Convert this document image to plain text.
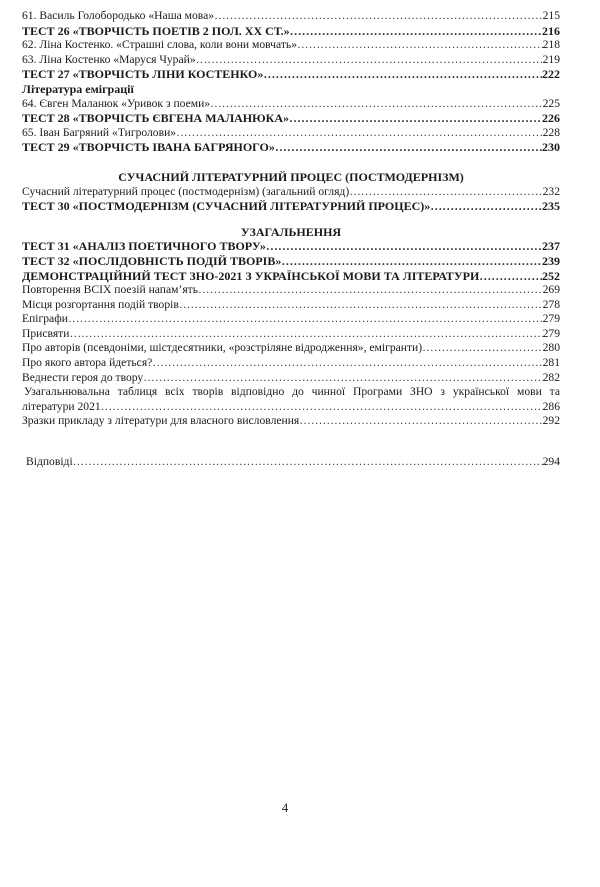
61. Василь Голобородько «Наша мова» …………………………………………………………………………………………………………………………………………………………………………………	215
ТЕСТ 26 «ТВОРЧІСТЬ ПОЕТІВ 2 ПОЛ. ХХ СТ.» …………………………………………………………………………………………………………………………………………………………………………………	216
62. Ліна Костенко. «Страшні слова, коли вони мовчать» …………………………………………………………………………………………………………………………………………………………………………………	218
63. Ліна Костенко «Маруся Чурай» …………………………………………………………………………………………………………………………………………………………………………………	219
ТЕСТ 27 «ТВОРЧІСТЬ ЛІНИ КОСТЕНКО» …………………………………………………………………………………………………………………………………………………………………………………	222
Література еміграції
64. Євген Маланюк «Уривок з поеми» …………………………………………………………………………………………………………………………………………………………………………………	225
ТЕСТ 28 «ТВОРЧІСТЬ ЄВГЕНА МАЛАНЮКА» …………………………………………………………………………………………………………………………………………………………………………………	226
65. Іван Багряний «Тигролови» …………………………………………………………………………………………………………………………………………………………………………………	228
ТЕСТ 29 «ТВОРЧІСТЬ ІВАНА БАГРЯНОГО» …………………………………………………………………………………………………………………………………………………………………………………	230
СУЧАСНИЙ ЛІТЕРАТУРНИЙ ПРОЦЕС (ПОСТМОДЕРНІЗМ)
Сучасний літературний процес (постмодернізм) (загальний огляд) …………………………………………………………………………………………………………………………………………………………………………………	232
ТЕСТ 30 «ПОСТМОДЕРНІЗМ (СУЧАСНИЙ ЛІТЕРАТУРНИЙ ПРОЦЕС)» …………………………………………………………………………………………………………………………………………………………………………………	235
УЗАГАЛЬНЕННЯ
ТЕСТ 31 «АНАЛІЗ ПОЕТИЧНОГО ТВОРУ» …………………………………………………………………………………………………………………………………………………………………………………	237
ТЕСТ 32 «ПОСЛІДОВНІСТЬ ПОДІЙ ТВОРІВ» …………………………………………………………………………………………………………………………………………………………………………………	239
ДЕМОНСТРАЦІЙНИЙ ТЕСТ ЗНО-2021 З УКРАЇНСЬКОЇ МОВИ ТА ЛІТЕРАТУРИ …………………………………………………………………………………………………………………………………………………………………………………	252
Повторення ВСІХ поезій напам’ять …………………………………………………………………………………………………………………………………………………………………………………	269
Місця розгортання подій творів …………………………………………………………………………………………………………………………………………………………………………………	278
Епіграфи …………………………………………………………………………………………………………………………………………………………………………………	279
Присвяти …………………………………………………………………………………………………………………………………………………………………………………	279
Про авторів (псевдоніми, шістдесятники, «розстріляне відродження», емігранти) …………………………………………………………………………………………………………………………………………………………………………………	280
Про якого автора йдеться? …………………………………………………………………………………………………………………………………………………………………………………	281
Веднести героя до твору …………………………………………………………………………………………………………………………………………………………………………………	282
Узагальнювальна таблиця всіх творів відповідно до чинної Програми ЗНО з української мови та
літератури 2021 …………………………………………………………………………………………………………………………………………………………………………………	286
Зразки прикладу з літератури для власного висловлення …………………………………………………………………………………………………………………………………………………………………………………	292
Відповіді …………………………………………………………………………………………………………………………………………………………………………………	294
4
